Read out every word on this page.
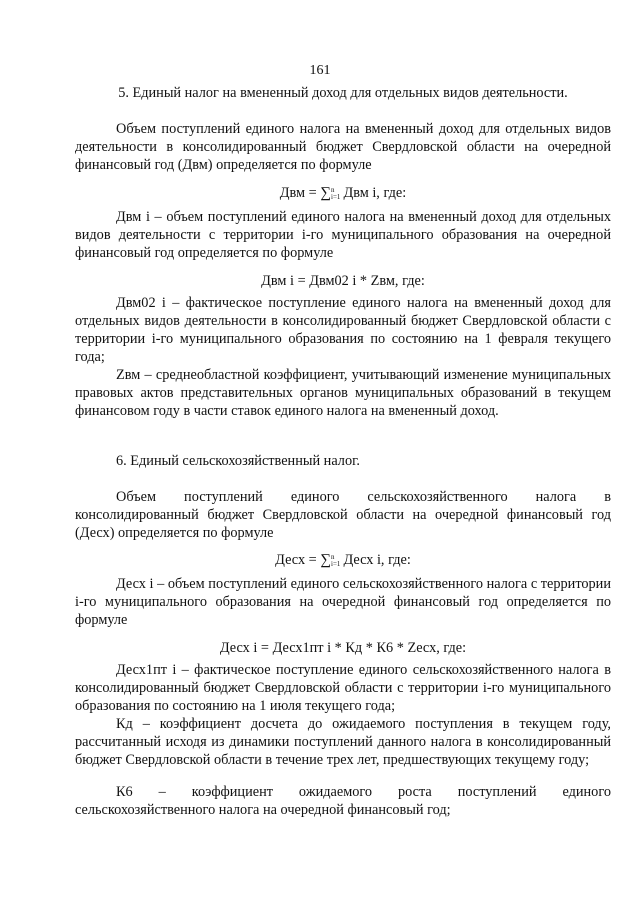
161
5. Единый налог на вмененный доход для отдельных видов деятельности.
Объем поступлений единого налога на вмененный доход для отдельных видов деятельности в консолидированный бюджет Свердловской области на очередной финансовый год (Двм) определяется по формуле
Двм = ∑ n
i=1 Двм i, где:
Двм i – объем поступлений единого налога на вмененный доход для отдельных видов деятельности с территории i-го муниципального образования на очередной финансовый год определяется по формуле
Двм i = Двм02 i * Zвм, где:
Двм02 i – фактическое поступление единого налога на вмененный доход для отдельных видов деятельности в консолидированный бюджет Свердловской области с территории i-го муниципального образования по состоянию на 1 февраля текущего года;
Zвм – среднеобластной коэффициент, учитывающий изменение муниципальных правовых актов представительных органов муниципальных образований в текущем финансовом году в части ставок единого налога на вмененный доход.
6. Единый сельскохозяйственный налог.
Объем поступлений единого сельскохозяйственного налога в консолидированный бюджет Свердловской области на очередной финансовый год (Десх) определяется по формуле
Десх = ∑ n
i=1 Десх i, где:
Десх i – объем поступлений единого сельскохозяйственного налога с территории i-го муниципального образования на очередной финансовый год определяется по формуле
Десх i = Десх1пт i * Кд * К6 * Zесх, где:
Десх1пт i – фактическое поступление единого сельскохозяйственного налога в консолидированный бюджет Свердловской области с территории i-го муниципального образования по состоянию на 1 июля текущего года;
Кд – коэффициент досчета до ожидаемого поступления в текущем году, рассчитанный исходя из динамики поступлений данного налога в консолидированный бюджет Свердловской области в течение трех лет, предшествующих текущему году;
К6 – коэффициент ожидаемого роста поступлений единого сельскохозяйственного налога на очередной финансовый год;
